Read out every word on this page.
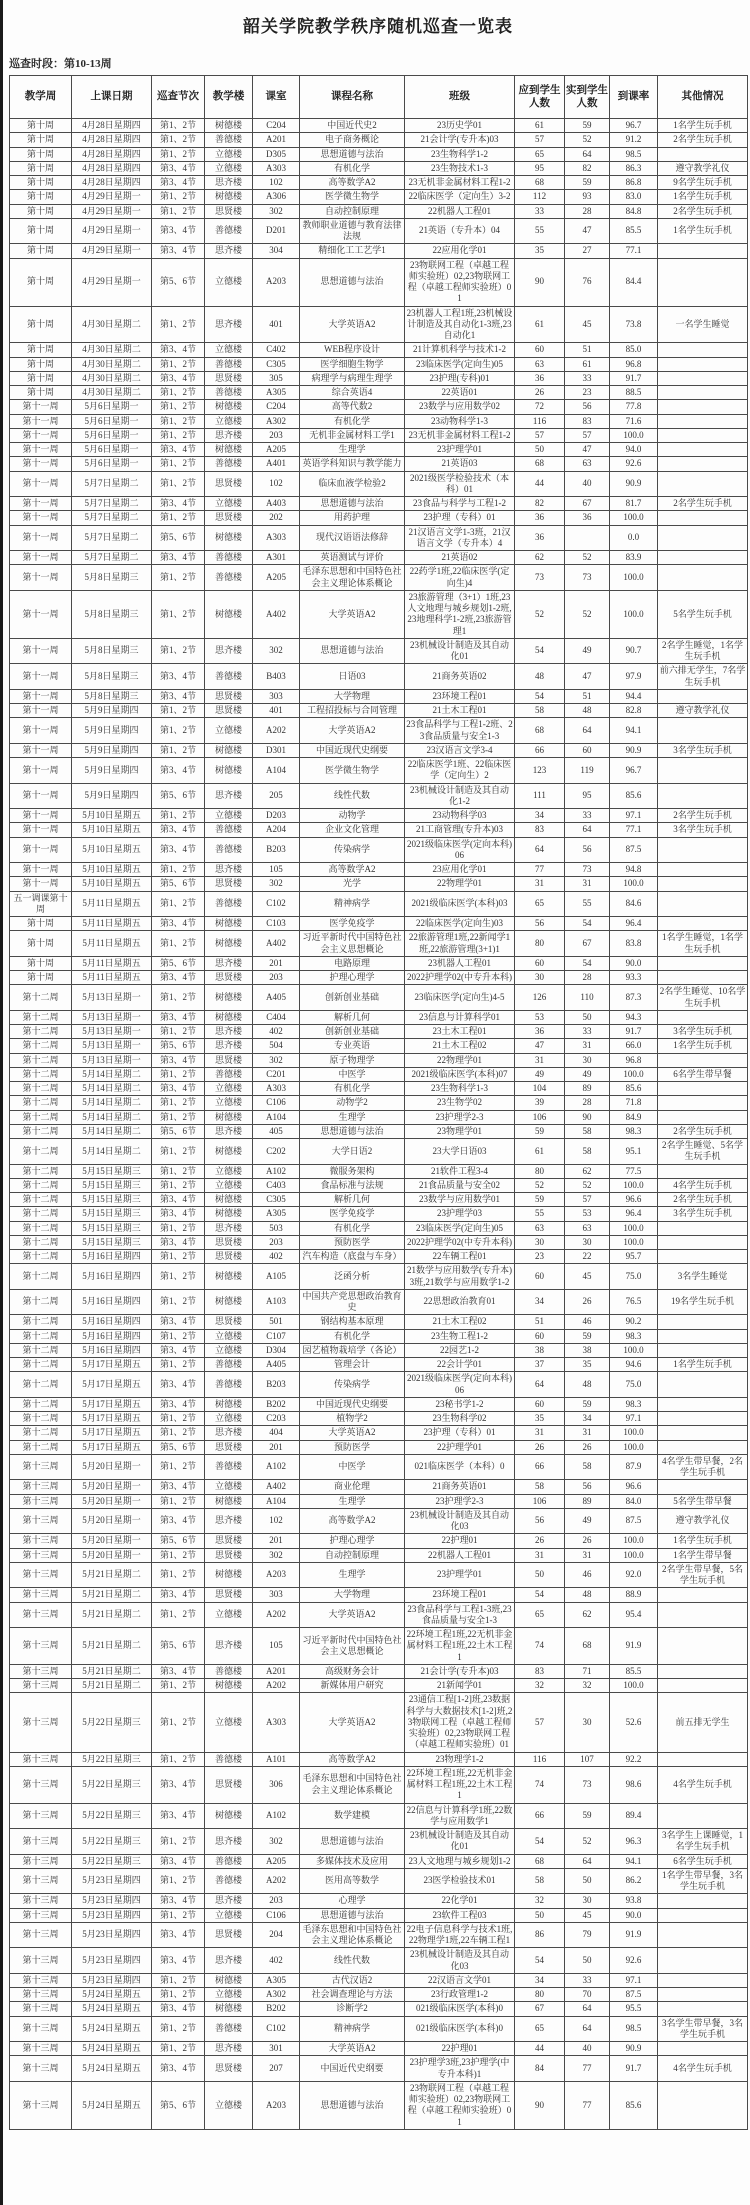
韶关学院教学秩序随机巡查一览表
巡查时段：第10-13周
教学周	上课日期	巡查节次	教学楼	课室	课程名称	班级	应到学生人数	实到学生人数	到课率	其他情况
第十周	4月28日星期四	第1、2节	树德楼	C204	中国近代史2	23历史学01	61	59	96.7	1名学生玩手机
第十周	4月28日星期四	第1、2节	善德楼	A201	电子商务概论	21会计学(专升本)03	57	52	91.2	2名学生玩手机
第十周	4月28日星期四	第1、2节	立德楼	D305	思想道德与法治	23生物科学1-2	65	64	98.5	
第十周	4月28日星期四	第3、4节	立德楼	A303	有机化学	23生物技术1-3	95	82	86.3	遵守教学礼仪
第十周	4月28日星期四	第3、4节	思齐楼	102	高等数学A2	23无机非金属材料工程1-2	68	59	86.8	9名学生玩手机
第十周	4月29日星期一	第1、2节	树德楼	A306	医学微生物学	22临床医学（定向生）3-2	112	93	83.0	1名学生玩手机
第十周	4月29日星期一	第1、2节	思贤楼	302	自动控制原理	22机器人工程01	33	28	84.8	2名学生玩手机
第十周	4月29日星期一	第3、4节	善德楼	D201	教师职业道德与教育法律法规	21英语（专升本）04	55	47	85.5	1名学生玩手机
第十周	4月29日星期一	第3、4节	思齐楼	304	精细化工工艺学1	22应用化学01	35	27	77.1	
第十周	4月29日星期一	第5、6节	立德楼	A203	思想道德与法治	23物联网工程（卓越工程师实验班）02,23物联网工程（卓越工程师实验班）01	90	76	84.4	
第十周	4月30日星期二	第1、2节	思齐楼	401	大学英语A2	23机器人工程1班,23机械设计制造及其自动化1-3班,23自动化1	61	45	73.8	一名学生睡觉
第十周	4月30日星期二	第3、4节	立德楼	C402	WEB程序设计	21计算机科学与技术1-2	60	51	85.0	
第十周	4月30日星期二	第1、2节	善德楼	C305	医学细胞生物学	23临床医学(定向生)05	63	61	96.8	
第十周	4月30日星期二	第3、4节	思贤楼	305	病理学与病理生理学	23护理(专科)01	36	33	91.7	
第十周	4月30日星期二	第1、2节	善德楼	A305	综合英语4	22英语01	26	23	88.5	
第十一周	5月6日星期一	第1、2节	树德楼	C204	高等代数2	23数学与应用数学02	72	56	77.8	
第十一周	5月6日星期一	第1、2节	立德楼	A302	有机化学	23动物科学1-3	116	83	71.6	
第十一周	5月6日星期一	第1、2节	思齐楼	203	无机非金属材料工学1	23无机非金属材料工程1-2	57	57	100.0	
第十一周	5月6日星期一	第3、4节	树德楼	A205	生理学	23护理学01	50	47	94.0	
第十一周	5月6日星期一	第1、2节	善德楼	A401	英语学科知识与教学能力	21英语03	68	63	92.6	
第十一周	5月7日星期二	第1、2节	思贤楼	102	临床血液学检验2	2021级医学检验技术（本科）01	44	40	90.9	
第十一周	5月7日星期二	第3、4节	立德楼	A403	思想道德与法治	23食品与科学与工程1-2	82	67	81.7	2名学生玩手机
第十一周	5月7日星期二	第1、2节	思贤楼	202	用药护理	23护理（专科）01	36	36	100.0	
第十一周	5月7日星期二	第5、6节	树德楼	A303	现代汉语语法修辞	21汉语言文学1-3班，21汉语言文学（专升本）4	36		0.0	
第十一周	5月7日星期二	第3、4节	善德楼	A301	英语测试与评价	21英语02	62	52	83.9	
第十一周	5月8日星期三	第1、2节	善德楼	A205	毛泽东思想和中国特色社会主义理论体系概论	22药学1班,22临床医学(定向生)4	73	73	100.0	
第十一周	5月8日星期三	第1、2节	树德楼	A402	大学英语A2	23旅游管理（3+1）1班,23人文地理与城乡规划1-2班,23地理科学1-2班,23旅游管理1	52	52	100.0	5名学生玩手机
第十一周	5月8日星期三	第1、2节	思齐楼	302	思想道德与法治	23机械设计制造及其自动化01	54	49	90.7	2名学生睡觉，1名学生玩手机
第十一周	5月8日星期三	第3、4节	善德楼	B403	日语03	21商务英语02	48	47	97.9	前六排无学生，7名学生玩手机
第十一周	5月8日星期三	第3、4节	思贤楼	303	大学物理	23环境工程01	54	51	94.4	
第十一周	5月9日星期四	第1、2节	思贤楼	401	工程招投标与合同管理	21土木工程01	58	48	82.8	遵守教学礼仪
第十一周	5月9日星期四	第1、2节	立德楼	A202	大学英语A2	23食品科学与工程1-2班、23食品质量与安全1-3	68	64	94.1	
第十一周	5月9日星期四	第1、2节	树德楼	D301	中国近现代史纲要	23汉语言文学3-4	66	60	90.9	3名学生玩手机
第十一周	5月9日星期四	第3、4节	树德楼	A104	医学微生物学	22临床医学1班、22临床医学（定向生）2	123	119	96.7	
第十一周	5月9日星期四	第5、6节	思齐楼	205	线性代数	23机械设计制造及其自动化1-2	111	95	85.6	
第十一周	5月10日星期五	第1、2节	立德楼	D203	动物学	23动物科学03	34	33	97.1	2名学生玩手机
第十一周	5月10日星期五	第3、4节	善德楼	A204	企业文化管理	21工商管理(专升本)03	83	64	77.1	3名学生玩手机
第十一周	5月10日星期五	第3、4节	善德楼	B203	传染病学	2021级临床医学(定向本科)06	64	56	87.5	
第十一周	5月10日星期五	第1、2节	思齐楼	105	高等数学A2	23应用化学01	77	73	94.8	
第十一周	5月10日星期五	第5、6节	思贤楼	302	光学	22物理学01	31	31	100.0	
五一调课第十周	5月11日星期五	第1、2节	善德楼	C102	精神病学	2021级临床医学(本科)03	65	55	84.6	
第十周	5月11日星期五	第3、4节	树德楼	C103	医学免疫学	22临床医学(定向生)03	56	54	96.4	
第十周	5月11日星期五	第1、2节	树德楼	A402	习近平新时代中国特色社会主义思想概论	22旅游管理1班,22新闻学1班,22旅游管理(3+1)1	80	67	83.8	1名学生睡觉，1名学生玩手机
第十周	5月11日星期五	第5、6节	思齐楼	201	电路原理	23机器人工程01	60	54	90.0	
第十周	5月11日星期五	第3、4节	思贤楼	203	护理心理学	2022护理学02(中专升本科)	30	28	93.3	
第十二周	5月13日星期一	第1、2节	树德楼	A405	创新创业基础	23临床医学(定向生)4-5	126	110	87.3	2名学生睡觉、10名学生玩手机
第十二周	5月13日星期一	第3、4节	树德楼	C404	解析几何	23信息与计算科学01	53	50	94.3	
第十二周	5月13日星期一	第1、2节	思齐楼	402	创新创业基础	23土木工程01	36	33	91.7	3名学生玩手机
第十二周	5月13日星期一	第5、6节	思齐楼	504	专业英语	21土木工程02	47	31	66.0	1名学生玩手机
第十二周	5月13日星期一	第3、4节	思贤楼	302	原子物理学	22物理学01	31	30	96.8	
第十二周	5月14日星期二	第1、2节	善德楼	C201	中医学	2021级临床医学(本科)07	49	49	100.0	6名学生带早餐
第十二周	5月14日星期二	第3、4节	立德楼	A303	有机化学	23生物科学1-3	104	89	85.6	
第十二周	5月14日星期二	第1、2节	立德楼	C106	动物学2	23生物学02	39	28	71.8	
第十二周	5月14日星期二	第1、2节	树德楼	A104	生理学	23护理学2-3	106	90	84.9	
第十二周	5月14日星期二	第5、6节	思齐楼	405	思想道德与法治	23物理学01	59	58	98.3	2名学生玩手机
第十二周	5月14日星期二	第1、2节	树德楼	C202	大学日语2	23大学日语03	61	58	95.1	2名学生睡觉、5名学生玩手机
第十二周	5月15日星期三	第1、2节	立德楼	A102	微服务架构	21软件工程3-4	80	62	77.5	
第十二周	5月15日星期三	第1、2节	立德楼	C403	食品标准与法规	21食品质量与安全02	52	52	100.0	4名学生玩手机
第十二周	5月15日星期三	第3、4节	树德楼	C305	解析几何	23数学与应用数学01	59	57	96.6	2名学生玩手机
第十二周	5月15日星期三	第3、4节	树德楼	A305	医学免疫学	23护理学03	55	53	96.4	3名学生玩手机
第十二周	5月15日星期三	第1、2节	思齐楼	503	有机化学	23临床医学(定向生)05	63	63	100.0	
第十二周	5月15日星期三	第3、4节	思贤楼	203	预防医学	2022护理学02(中专升本科)	30	30	100.0	
第十二周	5月16日星期四	第1、2节	思贤楼	402	汽车构造（底盘与车身）	22车辆工程01	23	22	95.7	
第十二周	5月16日星期四	第1、2节	树德楼	A105	泛函分析	21数学与应用数学(专升本)3班,21数学与应用数学1-2	60	45	75.0	3名学生睡觉
第十二周	5月16日星期四	第1、2节	树德楼	A103	中国共产党思想政治教育史	22思想政治教育01	34	26	76.5	19名学生玩手机
第十二周	5月16日星期四	第3、4节	思贤楼	501	钢结构基本原理	21土木工程02	51	46	90.2	
第十二周	5月16日星期四	第1、2节	立德楼	C107	有机化学	23生物工程1-2	60	59	98.3	
第十二周	5月16日星期四	第3、4节	立德楼	D304	园艺植物栽培学（各论）	22园艺1-2	38	38	100.0	
第十二周	5月17日星期五	第1、2节	善德楼	A405	管理会计	22会计学01	37	35	94.6	1名学生玩手机
第十二周	5月17日星期五	第3、4节	善德楼	B203	传染病学	2021级临床医学(定向本科)06	64	48	75.0	
第十二周	5月17日星期五	第3、4节	树德楼	B202	中国近现代史纲要	23秘书学1-2	60	59	98.3	
第十二周	5月17日星期五	第1、2节	立德楼	C203	植物学2	23生物科学02	35	34	97.1	
第十二周	5月17日星期五	第1、2节	思齐楼	404	大学英语A2	23护理（专科）01	31	31	100.0	
第十二周	5月17日星期五	第5、6节	思贤楼	201	预防医学	22护理学01	26	26	100.0	
第十三周	5月20日星期一	第1、2节	善德楼	A102	中医学	021临床医学（本科）0	66	58	87.9	4名学生带早餐，2名学生玩手机
第十三周	5月20日星期一	第3、4节	立德楼	A402	商业伦理	21商务英语01	58	56	96.6	
第十三周	5月20日星期一	第1、2节	树德楼	A104	生理学	23护理学2-3	106	89	84.0	5名学生带早餐
第十三周	5月20日星期一	第3、4节	思齐楼	102	高等数学A2	23机械设计制造及其自动化03	56	49	87.5	遵守教学礼仪
第十三周	5月20日星期一	第5、6节	思贤楼	201	护理心理学	22护理01	26	26	100.0	1名学生玩手机
第十三周	5月20日星期一	第1、2节	思贤楼	302	自动控制原理	22机器人工程01	31	31	100.0	1名学生带早餐
第十三周	5月21日星期二	第1、2节	树德楼	A203	生理学	23护理学01	50	46	92.0	2名学生带早餐，5名学生玩手机
第十三周	5月21日星期二	第3、4节	思贤楼	303	大学物理	23环境工程01	54	48	88.9	
第十三周	5月21日星期二	第1、2节	立德楼	A202	大学英语A2	23食品科学与工程1-3班,23食品质量与安全1-3	65	62	95.4	
第十三周	5月21日星期二	第5、6节	思齐楼	105	习近平新时代中国特色社会主义思想概论	22环境工程1班,22无机非金属材料工程1班,22土木工程1	74	68	91.9	
第十三周	5月21日星期二	第3、4节	善德楼	A201	高级财务会计	21会计学(专升本)03	83	71	85.5	
第十三周	5月21日星期二	第1、2节	树德楼	A202	新媒体用户研究	21新闻学01	32	32	100.0	
第十三周	5月22日星期三	第1、2节	立德楼	A303	大学英语A2	23通信工程[1-2]班,23数据科学与大数据技术[1-2]班,23物联网工程（卓越工程师实验班）02,23物联网工程（卓越工程师实验班）01	57	30	52.6	前五排无学生
第十三周	5月22日星期三	第1、2节	善德楼	A101	高等数学A2	23物理学1-2	116	107	92.2	
第十三周	5月22日星期三	第3、4节	思贤楼	306	毛泽东思想和中国特色社会主义理论体系概论	22环境工程1班,22无机非金属材料工程1班,22土木工程1	74	73	98.6	4名学生玩手机
第十三周	5月22日星期三	第3、4节	树德楼	A102	数学建模	22信息与计算科学1班,22数学与应用数学1	66	59	89.4	
第十三周	5月22日星期三	第1、2节	思齐楼	302	思想道德与法治	23机械设计制造及其自动化01	54	52	96.3	3名学生上课睡觉，1名学生玩手机
第十三周	5月22日星期三	第3、4节	善德楼	A205	多媒体技术及应用	23人文地理与城乡规划1-2	68	64	94.1	6名学生玩手机
第十三周	5月23日星期四	第1、2节	善德楼	A202	医用高等数学	23医学检验技术01	58	50	86.2	1名学生带早餐，3名学生玩手机
第十三周	5月23日星期四	第3、4节	思齐楼	203	心理学	22化学01	32	30	93.8	
第十三周	5月23日星期四	第1、2节	立德楼	C106	思想道德与法治	23软件工程03	50	45	90.0	
第十三周	5月23日星期四	第3、4节	思贤楼	204	毛泽东思想和中国特色社会主义理论体系概论	22电子信息科学与技术1班,22物理学1班,22车辆工程1	86	79	91.9	
第十三周	5月23日星期四	第3、4节	思齐楼	402	线性代数	23机械设计制造及其自动化03	54	50	92.6	
第十三周	5月23日星期四	第1、2节	树德楼	A305	古代汉语2	22汉语言文学01	34	33	97.1	
第十三周	5月24日星期五	第1、2节	立德楼	A302	社会调查理论与方法	23行政管理1-2	80	70	87.5	
第十三周	5月24日星期五	第3、4节	树德楼	B202	诊断学2	021级临床医学(本科)0	67	64	95.5	
第十三周	5月24日星期五	第1、2节	善德楼	C102	精神病学	021级临床医学(本科)0	65	64	98.5	3名学生带早餐，3名学生玩手机
第十三周	5月24日星期五	第1、2节	思齐楼	301	大学英语A2	22护理01	44	40	90.9	
第十三周	5月24日星期五	第3、4节	思贤楼	207	中国近代史纲要	23护理学3班,23护理学(中专升本科)1	84	77	91.7	4名学生玩手机
第十三周	5月24日星期五	第5、6节	立德楼	A203	思想道德与法治	23物联网工程（卓越工程师实验班）02,23物联网工程（卓越工程师实验班）01	90	77	85.6	
